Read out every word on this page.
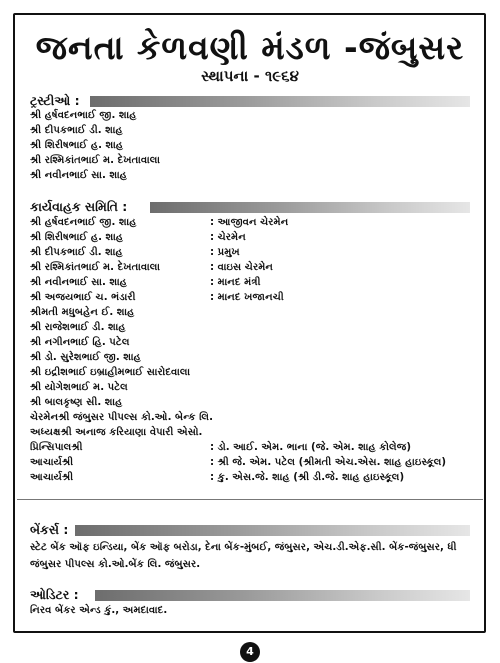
જનતા કેળવણી મંડળ -જંબુસર
સ્થાપના - ૧૯૬૪
ટ્રસ્ટીઓ :
શ્રી હર્ષવદનભાઈ જી. શાહ
શ્રી દીપકભાઈ ડી. શાહ
શ્રી શિરીષભાઈ હ. શાહ
શ્રી રશ્મિકાંતભાઈ મ. દેખતાવાલા
શ્રી નવીનભાઈ સા. શાહ
કાર્યવાહક સમિતિ :
શ્રી હર્ષવદનભાઈ જી. શાહ	: આજીવન ચેરમેન
શ્રી શિરીષભાઈ હ. શાહ	: ચેરમેન
શ્રી દીપકભાઈ ડી. શાહ	: પ્રમુખ
શ્રી રશ્મિકાંતભાઈ મ. દેખતાવાલા	: વાઇસ ચેરમેન
શ્રી નવીનભાઈ સા. શાહ	: માનદ મંત્રી
શ્રી અજયભાઈ ચ. ભંડારી	: માનદ ખજાનચી
શ્રીમતી મધુબહેન ઈ. શાહ
શ્રી રાજેશભાઈ ડી. શાહ
શ્રી નગીનભાઈ હિ. પટેલ
શ્રી ડો. સુરેશભાઈ જી. શાહ
શ્રી ઇદ્રીશભાઈ ઇબ્રાહીમભાઈ સારોદવાલા
શ્રી યોગેશભાઈ મ. પટેલ
શ્રી બાલકૃષ્ણ સી. શાહ
ચેરમેનશ્રી જંબુસર પીપલ્સ કો.ઓ. બેન્ક લિ.
અધ્યક્ષશ્રી અનાજ કરિયાણા વેપારી એસો.
પ્રિન્સિપાલશ્રી	: ડો. આઈ. એમ. ભાના (જે. એમ. શાહ કોલેજ)
આચાર્યશ્રી	: શ્રી જે. એમ. પટેલ (શ્રીમતી એચ.એસ. શાહ હાઇસ્કૂલ)
આચાર્યશ્રી	: કુ. એસ.જે. શાહ (શ્રી ડી.જે. શાહ હાઇસ્કૂલ)
બેંકર્સ :
સ્ટેટ બેંક ઑફ ઇન્ડિયા, બેંક ઑફ બરોડા, દેના બેંક-મુંબઈ, જંબુસર, એચ.ડી.એફ.સી. બેંક-જંબુસર, ધી જંબુસર પીપલ્સ કો.ઓ.બેંક લિ. જંબુસર.
ઓડિટર :
નિરવ બેંકર એન્ડ કું., અમદાવાદ.
4
